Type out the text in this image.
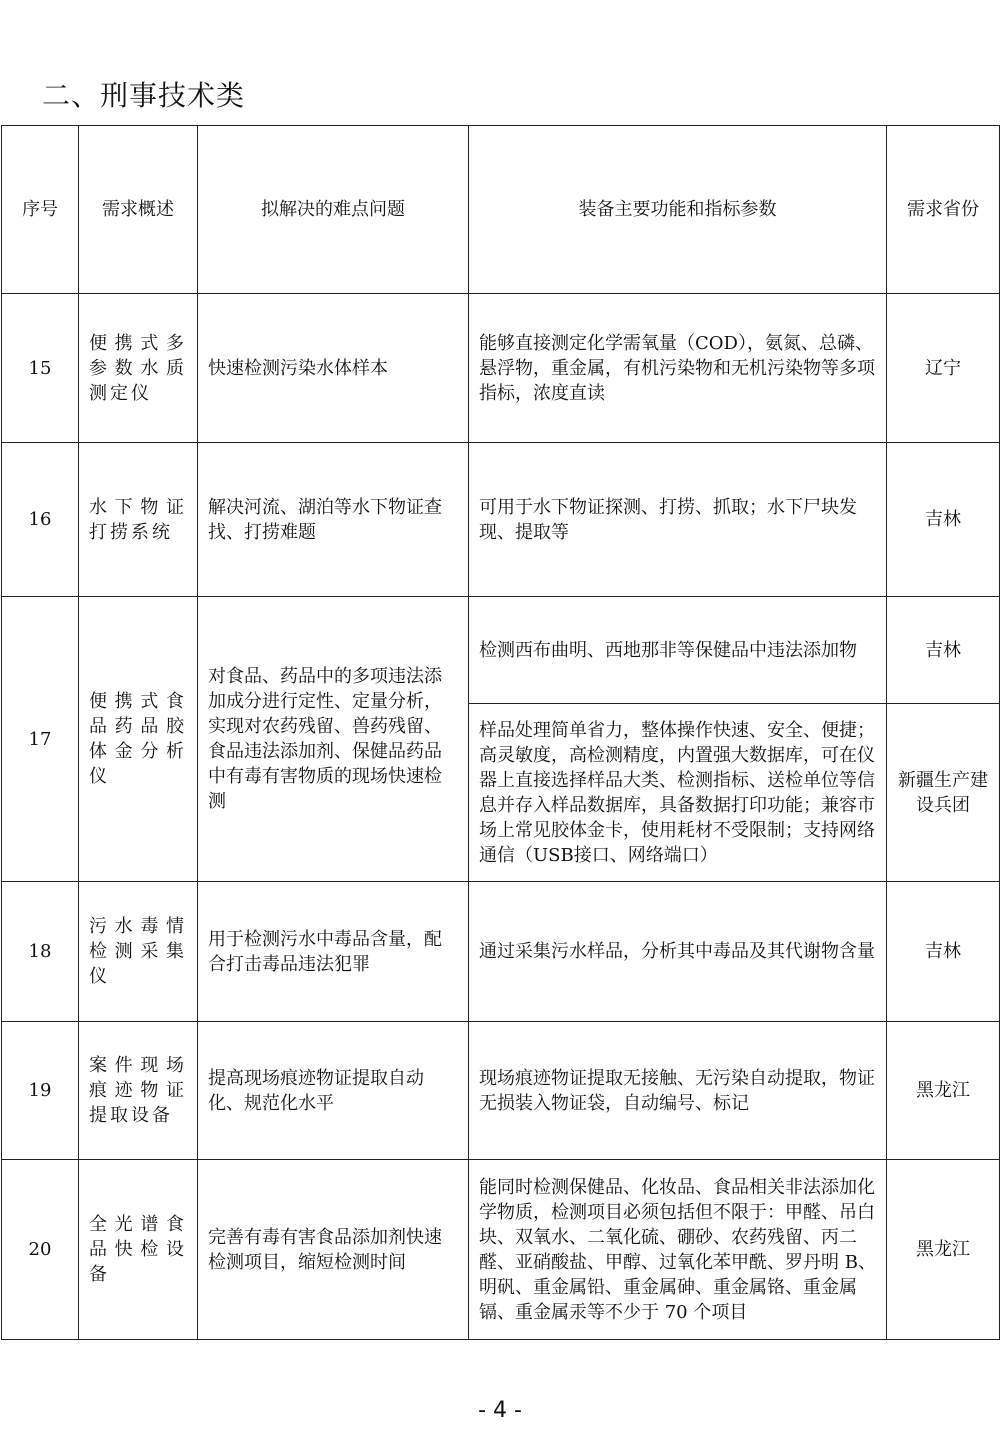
二、刑事技术类
序号	需求概述	拟解决的难点问题	装备主要功能和指标参数	需求省份
15	便携式多参数水质测定仪	快速检测污染水体样本	能够直接测定化学需氧量（COD），氨氮、总磷、悬浮物，重金属，有机污染物和无机污染物等多项指标，浓度直读	辽宁
16	水下物证打捞系统	解决河流、湖泊等水下物证查找、打捞难题	可用于水下物证探测、打捞、抓取；水下尸块发现、提取等	吉林
17	便携式食品药品胶体金分析仪	对食品、药品中的多项违法添加成分进行定性、定量分析，实现对农药残留、兽药残留、食品违法添加剂、保健品药品中有毒有害物质的现场快速检测	检测西布曲明、西地那非等保健品中违法添加物	吉林
			样品处理简单省力，整体操作快速、安全、便捷；高灵敏度，高检测精度，内置强大数据库，可在仪器上直接选择样品大类、检测指标、送检单位等信息并存入样品数据库，具备数据打印功能；兼容市场上常见胶体金卡，使用耗材不受限制；支持网络通信（USB接口、网络端口）	新疆生产建设兵团
18	污水毒情检测采集仪	用于检测污水中毒品含量，配合打击毒品违法犯罪	通过采集污水样品，分析其中毒品及其代谢物含量	吉林
19	案件现场痕迹物证提取设备	提高现场痕迹物证提取自动化、规范化水平	现场痕迹物证提取无接触、无污染自动提取，物证无损装入物证袋，自动编号、标记	黑龙江
20	全光谱食品快检设备	完善有毒有害食品添加剂快速检测项目，缩短检测时间	能同时检测保健品、化妆品、食品相关非法添加化学物质，检测项目必须包括但不限于：甲醛、吊白块、双氧水、二氧化硫、硼砂、农药残留、丙二醛、亚硝酸盐、甲醇、过氧化苯甲酰、罗丹明 B、明矾、重金属铅、重金属砷、重金属铬、重金属镉、重金属汞等不少于 70 个项目	黑龙江
- 4 -
